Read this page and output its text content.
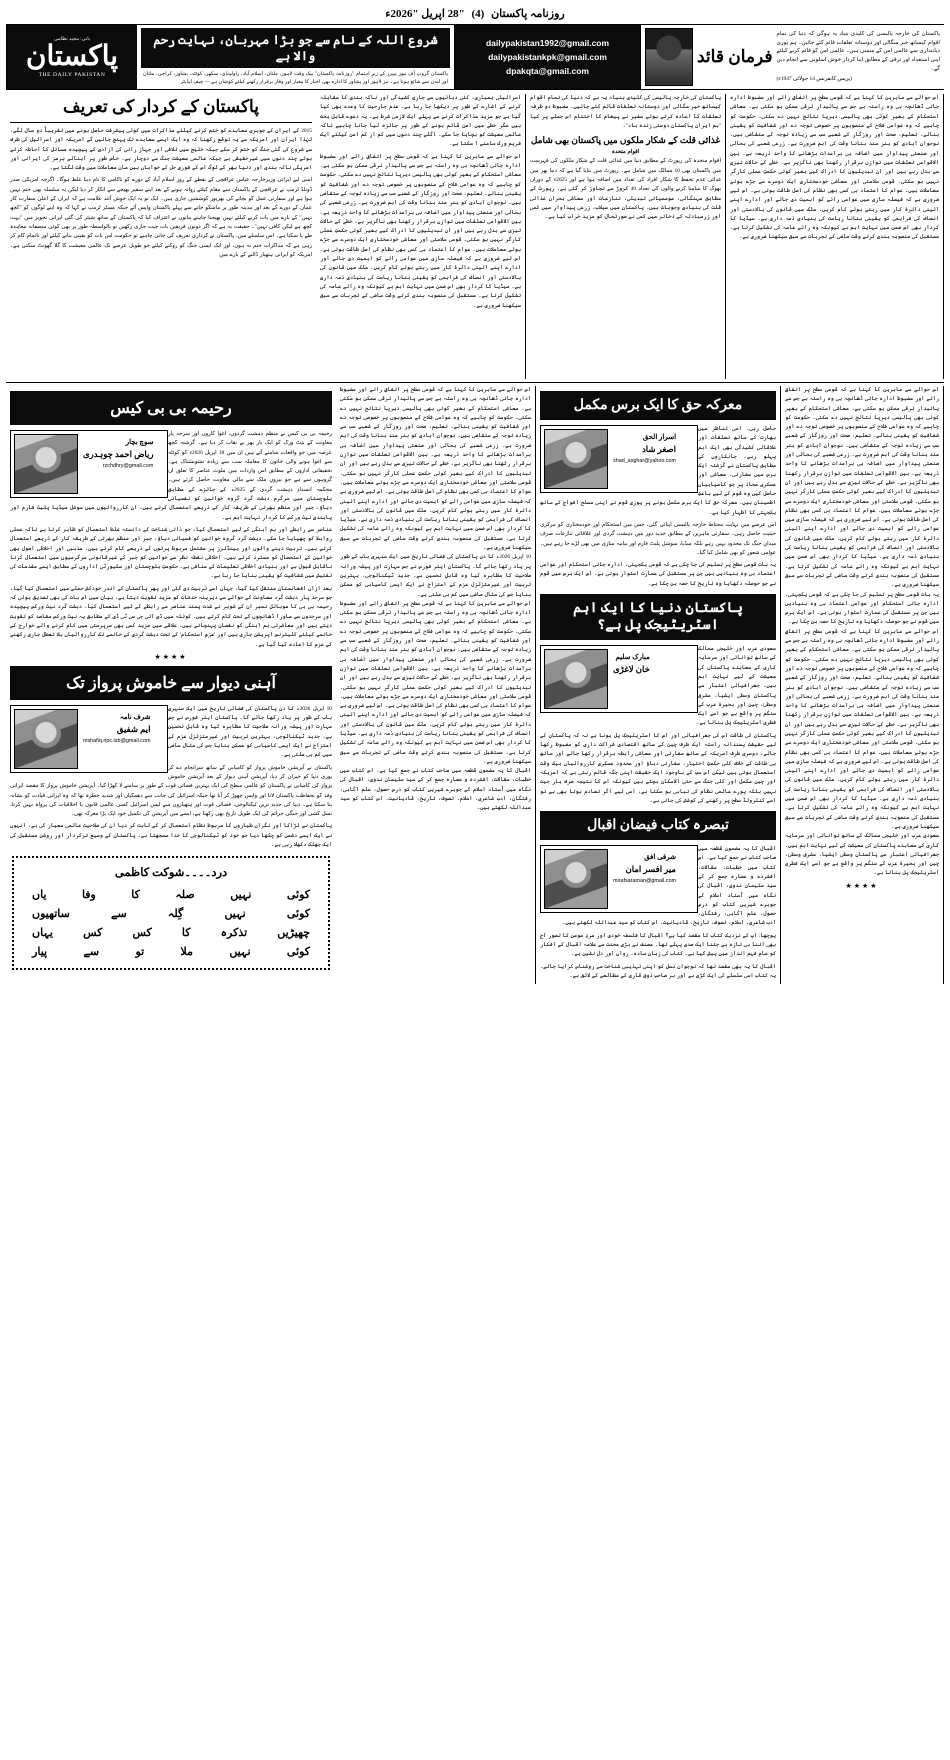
روزنامہ پاکستان (4) "28 اپریل "2026ء
بانی: مجید نظامی
پاکستان
THE DAILY PAKISTAN
شروع اللہ کے نام سے جو بڑا مہربان، نہایت رحم والا ہے
پاکستان گروپ آف نیوز پیپرز کے زیرِ اہتمام "روزنامہ پاکستان" بیک وقت لاہور، ملتان، اسلام آباد، راولپنڈی، سکھر، کوئٹہ، پشاور، کراچی، ملتان اور لندن سے شائع ہوتا ہے۔ نیز لاہور اور پشاور کا ادارہ بھی اخبار کا معیار اور وقار برقرار رکھنے کیلئے کوشاں ہے — چیف ایڈیٹر
dailypakistan1992@gmail.com
dailypakistankpk@gmail.com
dpakqta@gmail.com
فرمان قائد
پاکستان کی خارجہ پالیسی کی کلیدی بنیاد یہ ہوگی کہ دنیا کی تمام اقوام کیساتھ خیر سگالی اور دوستانہ تعلقات قائم کئے جائیں۔ ہم پوری دیانتداری سے عالمی امن کے متمنی ہیں۔ عالمی امن کو قائم کرنے کیلئے اپنی استعداد اور ترقی کے مطابق اپنا کردار خوش اسلوبی سے انجام دیں گے۔
(پریس کانفرنس 14 جولائی 1947ء)
پاکستان کے کردار کی تعریف

2015 کے ایران کے جوہری معاہدے کو ختم کرنے کیلئے مذاکرات میں کوئی پیشرفت حاصل ہونے میں تقریباً دو سال لگے۔ لہٰذا ایران اور امریکہ سے یہ توقع رکھنا کہ وہ ایک ایسے معاہدے تک پہنچ جائیں گے امریکہ اور اسرائیل کی طرف سے شروع کی گئی جنگ کو ختم کر سکے جبکہ خلیج میں تلافی اور جہاز رانی کی آزادی کے پیچیدہ مسائل کا احاطہ کرتے ہوئے چند دنوں میں غیرحقیقی ہے جبکہ عالمی معیشت جنگ سے دوچار ہے۔ خاص طور پر آبنائے ہرمز کی ایرانی اور امریکی ناکہ بندی اور دنیا بھر کے لوگ اس کے فوری حل کے خواہاں ہیں مان معاملات میں وقت لگتا ہے۔

اسی لیے ایرانی وزیرخارجہ عباس عراقچی کے نقطے کے روز اسلام آباد کے دورے کو ناکامی کا نام دینا غلط ہوگا۔ اگرچہ امریکی صدر ڈونلڈ ٹرمپ نے عراقچی کے پاکستان سے مقام کیلئے روانہ ہونے کے بعد اپنے سفیر بھیجے سے انکار کر دیا لیکن یہ سلسلہ بھی ختم نہیں ہوا ہے اور سفارتی عمل کو بچانے کی بھرپور کوششیں جاری ہیں۔ ایک تو یہ ایک خوش آئند علامت ہے کہ ایران کے اعلیٰ سفارت کار عمان کے دورے کے بعد اور مدینہ طور پر ماسکو جانے سے پہلے پاکستان واپس آئے جبکہ مسٹر ٹرمپ نے کہا کہ وہ اپنے لوگوں کو "کچھ نہیں" کے بارے میں بات کرنے کیلئے نہیں بھیجنا چاہتے مانوں نے اعتراف کیا کہ پاکستان کے ساتھ شیئر کی گئی ایرانی تجویز میں "بہت کچھ ہے لیکن کافی نہیں"۔ حقیقت یہ ہے کہ اگر دونوں فریقین بات چیت جاری رکھیں تو بالواسطہ طور پر بھی کوئی منصفانہ معاہدہ طے پا سکتا ہے۔ اس سلسلے میں، پاکستان نے کرداری تعریف کی جانی چاہیے تو حکومت اس بات کو یقینی بنانے کیلئے اور ناتمام کام کر رہی ہے کہ مذاکرات ختم نہ ہوں، اور ایک ایسی جنگ کو روکنے کیلئے جو طویل عرصے تک عالمی معیشت کا گلا گھونٹ سکتی ہے۔ امریکہ کو ایرانی ہتھیار ڈالنے کے بارے میں

اسرائیلی بمباری، کئی دہائیوں سے جاری کشیدگی اور ناکہ بندی کا مقابلہ کرنے کے اشارے کے طور پر دیکھا جا رہا ہے۔ عدم جارحیت کا وعدہ بھی کیا گیا ہے جو مزید مذاکرات کرنے سے پہلے ایک لازمی شرط ہے۔ یہ دعوے قابل بحث ہیں مگر خطے میں امن قائم ہونے کے طور پر جائزہ لیا جانا چاہیے تاکہ عالمی معیشت کو بچایا جا سکے۔ اگلے چند دنوں میں کم از کم امن کیلئے ایک فریم ورک سامنے آ سکتا ہے۔
اس حوالے سے ماہرین کا کہنا ہے کہ قومی سطح پر اتفاقِ رائے اور مضبوط ادارہ جاتی ڈھانچہ ہی وہ راستہ ہے جس سے پائیدار ترقی ممکن ہو سکتی ہے۔ معاشی استحکام کے بغیر کوئی بھی پالیسی دیرپا نتائج نہیں دے سکتی۔ حکومت کو چاہیے کہ وہ عوامی فلاح کے منصوبوں پر خصوصی توجہ دے اور شفافیت کو یقینی بنائے۔ تعلیم، صحت اور روزگار کے شعبے سب سے زیادہ توجہ کے متقاضی ہیں۔ نوجوان آبادی کو ہنر مند بنانا وقت کی اہم ضرورت ہے۔ زرعی شعبے کی بحالی اور صنعتی پیداوار میں اضافہ ہی برآمدات بڑھانے کا واحد ذریعہ ہے۔ بین الاقوامی تعلقات میں توازن برقرار رکھنا بھی ناگزیر ہے۔ خطے کے حالات تیزی سے بدل رہے ہیں اور ان تبدیلیوں کا ادراک کیے بغیر کوئی حکمتِ عملی کارگر نہیں ہو سکتی۔ قومی سلامتی اور معاشی خودمختاری ایک دوسرے سے جڑے ہوئے معاملات ہیں۔ عوام کا اعتماد ہی کسی بھی نظام کی اصل طاقت ہوتی ہے۔ اس لیے ضروری ہے کہ فیصلہ سازی میں عوامی رائے کو اہمیت دی جائے اور ادارے اپنے آئینی دائرۂ کار میں رہتے ہوئے کام کریں۔ ملک میں قانون کی بالادستی اور انصاف کی فراہمی کو یقینی بنانا ریاست کی بنیادی ذمہ داری ہے۔ میڈیا کا کردار بھی اس ضمن میں نہایت اہم ہے کیونکہ وہ رائے عامہ کی تشکیل کرتا ہے۔ مستقبل کی منصوبہ بندی کرتے وقت ماضی کے تجربات سے سبق سیکھنا ضروری ہے۔
پاکستان کی خارجہ پالیسی کی کلیدی بنیاد یہ ہے کہ دنیا کی تمام اقوام کیساتھ خیر سگالی اور دوستانہ تعلقات قائم کئے جائیں۔ مضبوط دو طرفہ تعلقات کا اعادہ کرتے ہوئے سفیر نے پیغام کا اختتام اس جملے پر کیا "ہم ایران پاکستان دوستی زندہ باد"۔
غذائی قلت کے شکار ملکوں میں پاکستان بھی شامل
اقوام متحدہ
اقوام متحدہ کی رپورٹ کے مطابق دنیا میں غذائی قلت کے شکار ملکوں کی فہرست میں پاکستان بھی 10 ممالک میں شامل ہے۔ رپورٹ میں بتایا گیا ہے کہ دنیا بھر میں غذائی عدم تحفظ کا شکار افراد کی تعداد میں اضافہ ہوا ہے اور 2025ء کے دوران بھوک کا سامنا کرنے والوں کی تعداد 40 کروڑ سے تجاوز کر گئی ہے۔ رپورٹ کے مطابق مہنگائی، موسمیاتی تبدیلی، تنازعات اور معاشی بحران غذائی قلت کی بنیادی وجوہات ہیں۔ پاکستان میں سیلاب، زرعی پیداوار میں کمی اور زرمبادلہ کے ذخائر میں کمی نے صورتحال کو مزید خراب کیا ہے۔
اس حوالے سے ماہرین کا کہنا ہے کہ قومی سطح پر اتفاقِ رائے اور مضبوط ادارہ جاتی ڈھانچہ ہی وہ راستہ ہے جس سے پائیدار ترقی ممکن ہو سکتی ہے۔ معاشی استحکام کے بغیر کوئی بھی پالیسی دیرپا نتائج نہیں دے سکتی۔ حکومت کو چاہیے کہ وہ عوامی فلاح کے منصوبوں پر خصوصی توجہ دے اور شفافیت کو یقینی بنائے۔ تعلیم، صحت اور روزگار کے شعبے سب سے زیادہ توجہ کے متقاضی ہیں۔ نوجوان آبادی کو ہنر مند بنانا وقت کی اہم ضرورت ہے۔ زرعی شعبے کی بحالی اور صنعتی پیداوار میں اضافہ ہی برآمدات بڑھانے کا واحد ذریعہ ہے۔ بین الاقوامی تعلقات میں توازن برقرار رکھنا بھی ناگزیر ہے۔ خطے کے حالات تیزی سے بدل رہے ہیں اور ان تبدیلیوں کا ادراک کیے بغیر کوئی حکمتِ عملی کارگر نہیں ہو سکتی۔ قومی سلامتی اور معاشی خودمختاری ایک دوسرے سے جڑے ہوئے معاملات ہیں۔ عوام کا اعتماد ہی کسی بھی نظام کی اصل طاقت ہوتی ہے۔ اس لیے ضروری ہے کہ فیصلہ سازی میں عوامی رائے کو اہمیت دی جائے اور ادارے اپنے آئینی دائرۂ کار میں رہتے ہوئے کام کریں۔ ملک میں قانون کی بالادستی اور انصاف کی فراہمی کو یقینی بنانا ریاست کی بنیادی ذمہ داری ہے۔ میڈیا کا کردار بھی اس ضمن میں نہایت اہم ہے کیونکہ وہ رائے عامہ کی تشکیل کرتا ہے۔ مستقبل کی منصوبہ بندی کرتے وقت ماضی کے تجربات سے سبق سیکھنا ضروری ہے۔
رحیمہ بی بی کیس
سوچ بچار
ریاض احمد چوہدری
rzchdhry@gmail.com

رحیمہ بی بی کیس نے منظم دہشت گردوں، اغوا کاروں اور سرحد پار معاونت کے نیٹ ورک کو ایک بار پھر بے نقاب کر دیا ہے۔ گزشتہ کچھ عرصہ میں جو واقعات سامنے آئے ہیں ان میں 18 اپریل 2026ء کو کوئٹہ سے اغوا ہونے والی خاتون کا معاملہ سب سے زیادہ تشویشناک ہے۔ تحقیقاتی اداروں کے مطابق اس واردات میں ملوث عناصر کا تعلق ان گروہوں سے ہے جو بیرونِ ملک سے مالی معاونت حاصل کرتے ہیں۔ محکمہ انسدادِ دہشت گردی کے 2025ء کے جائزے کے مطابق بلوچستان میں سرگرم دہشت گرد گروہ خواتین کو نفسیاتی دباؤ، جبر اور منظم بھرتی کے طریقہ کار کے ذریعے استعمال کرتے ہیں۔ ان کارروائیوں میں سوشل میڈیا پلیٹ فارم اور پابندی نیٹ ورکس کا کردار نہایت اہم ہے۔

عناصر سے رابطے اور ہم آہنگی کے لیے استعمال کیا، جو ذاتی شناخت کے دانستہ غلط استعمال کو ظاہر کرتا ہے تاکہ عملی روابط کو چھپایا جا سکے۔ دہشت گرد گروہ خواتین کو فسیاتی دباؤ، جبر اور منظم بھرتی کے طریقہ کار کے ذریعے استعمال کرتے ہیں۔ تربیت دینے والوں اور ہینڈلرز پر مشتمل مربوط پرتوں کے ذریعے کام کرتے ہیں۔ مذہبی اور اخلاقی اصول بھی خواتین کے استحصال کو مسترد کرتے ہیں۔ اخلاقی نقطہ نظر سے خواتین کو جبر کے غیرقانونی سرگرمیوں میں استعمال کرنا ناقابل قبول ہے اور بنیادی اخلاقی تعلیمات کے منافی ہے۔ حکومتِ بلوچستان اور سکیورٹی اداروں کے مطابق ایسے مقدمات کی تفتیش میں شفافیت کو یقینی بنایا جا رہا ہے۔

بعد ازاں افغانستان منتقل کیا گیا، جہاں اسے تربیت دی گئی اور پھر پاکستان کے اندر خودکش حملے میں استعمال کیا گیا، جو سرحد پار دہشت گرد معاونت کے حوالے سے دیرینہ خدشات کو مزید تقویت دیتا ہے۔ بیان میں اس بات کی بھی تصدیق ہوئی کہ رحیمہ بی بی کا موبائل نمبر ان کے شوہر نے شدت پسند عناصر سے رابطے کے لیے استعمال کیا۔ دہشت گرد نیٹ ورکس پیچیدہ اور سرحدوں سے ماورا ڈھانچوں کے تحت کام کرتے ہیں۔ کوئٹہ میں ڈی آئی جی سی ٹی ڈی کے مطابق یہ نیٹ ورکس مقاصد کو تقویت دیتے ہیں اور معاشرتی ہم آہنگی کو نقصان پہنچاتے ہیں۔ علاقے میں مزید کسی بھی سرپرستی میں کام کرنے والے خوارج کے خاتمے کیلئے کلیئرنس آپریشن جاری ہیں اور 'عزمِ استحکام' کے تحت دہشت گردی کے خاتمے تک کارروائیاں بلا تعطل جاری رکھنے کے عزم کا اعادہ کیا گیا ہے۔

★★★★
آہنی دیوار سے خاموش پرواز تک
شرف نامہ
ایم شفیق
mshafiq.npc.isb@gmail.com

10 اپریل 2026ء کا دن پاکستان کی فضائی تاریخ میں ایک سنہری باب کے طور پر یاد رکھا جائے گا۔ پاکستان ایئر فورس نے جس مہارت اور پیشہ ورانہ صلاحیت کا مظاہرہ کیا وہ قابلِ تحسین ہے۔ جدید ٹیکنالوجی، بہترین تربیت اور غیرمتزلزل عزم کے امتزاج نے ایک ایسی کامیابی کو ممکن بنایا جس کی مثال ماضی میں کم ہی ملتی ہے۔

پاکستان نے آپریشن خاموش پرواز کو کامیابی کے ساتھ سرانجام دے کر پوری دنیا کو حیران کر دیا، آپریشن آہنی دیوار کے بعد آپریشن خاموش پرواز کی کامیابی نے پاکستان کو عالمی سطح کی ایک بہترین فضائی قوت کے طور پر سامنے لا کھڑا کیا۔ آپریشن خاموش پرواز کا مقصد ایرانی وفد کو بحفاظت پاکستان لانا اور واپس چھوڑ کر آنا تھا جبکہ اسرائیل کی جانب سے دھمکیاں اور شدید خطرہ تھا کہ وہ ایرانی قیادت کو نشانہ بنا سکتا ہے۔ دنیا کی جدید ترین ٹیکنالوجی، فضائی قوت اور ہتھیاروں سے لیس اسرائیل کسی عالمی قانون یا اخلاقیات کی پرواہ نہیں کرتا، نسل کشی اور جنگی جرائم کی ایک طویل تاریخ بھی رکھتا ہے، ایسے میں آپریشن کی تکمیل خود ایک بڑا معرکہ تھی۔

پاکستان نے لڑاکا اور نگران طیاروں کا مربوط نظام استعمال کر کے ثابت کر دیا ان کی صلاحیت عالمی معیار کی ہے، انہوں نے ایک ایسے دشمن کو چکھا دیا جو خود کو ٹیکنالوجی کا خدا سمجھتا ہے۔ پاکستان کے وسیع ترکردار اور روشن مستقبل کی ایک جھلک دکھلا رہی ہے۔

درد۔۔۔۔شوکت کاظمی
یاں	وفا	کا	صلہ	نہیں	کوئی
ساتھیوں	سے	گِلہ	نہیں	کوئی
یہاں	کس	کس	کا	تذکرہ	چھیڑیں
پیار	سے	تو	ملا	نہیں	کوئی
اس حوالے سے ماہرین کا کہنا ہے کہ قومی سطح پر اتفاقِ رائے اور مضبوط ادارہ جاتی ڈھانچہ ہی وہ راستہ ہے جس سے پائیدار ترقی ممکن ہو سکتی ہے۔ معاشی استحکام کے بغیر کوئی بھی پالیسی دیرپا نتائج نہیں دے سکتی۔ حکومت کو چاہیے کہ وہ عوامی فلاح کے منصوبوں پر خصوصی توجہ دے اور شفافیت کو یقینی بنائے۔ تعلیم، صحت اور روزگار کے شعبے سب سے زیادہ توجہ کے متقاضی ہیں۔ نوجوان آبادی کو ہنر مند بنانا وقت کی اہم ضرورت ہے۔ زرعی شعبے کی بحالی اور صنعتی پیداوار میں اضافہ ہی برآمدات بڑھانے کا واحد ذریعہ ہے۔ بین الاقوامی تعلقات میں توازن برقرار رکھنا بھی ناگزیر ہے۔ خطے کے حالات تیزی سے بدل رہے ہیں اور ان تبدیلیوں کا ادراک کیے بغیر کوئی حکمتِ عملی کارگر نہیں ہو سکتی۔ قومی سلامتی اور معاشی خودمختاری ایک دوسرے سے جڑے ہوئے معاملات ہیں۔ عوام کا اعتماد ہی کسی بھی نظام کی اصل طاقت ہوتی ہے۔ اس لیے ضروری ہے کہ فیصلہ سازی میں عوامی رائے کو اہمیت دی جائے اور ادارے اپنے آئینی دائرۂ کار میں رہتے ہوئے کام کریں۔ ملک میں قانون کی بالادستی اور انصاف کی فراہمی کو یقینی بنانا ریاست کی بنیادی ذمہ داری ہے۔ میڈیا کا کردار بھی اس ضمن میں نہایت اہم ہے کیونکہ وہ رائے عامہ کی تشکیل کرتا ہے۔ مستقبل کی منصوبہ بندی کرتے وقت ماضی کے تجربات سے سبق سیکھنا ضروری ہے۔
10 اپریل 2026ء کا دن پاکستان کی فضائی تاریخ میں ایک سنہری باب کے طور پر یاد رکھا جائے گا۔ پاکستان ایئر فورس نے جس مہارت اور پیشہ ورانہ صلاحیت کا مظاہرہ کیا وہ قابلِ تحسین ہے۔ جدید ٹیکنالوجی، بہترین تربیت اور غیرمتزلزل عزم کے امتزاج نے ایک ایسی کامیابی کو ممکن بنایا جس کی مثال ماضی میں کم ہی ملتی ہے۔
اس حوالے سے ماہرین کا کہنا ہے کہ قومی سطح پر اتفاقِ رائے اور مضبوط ادارہ جاتی ڈھانچہ ہی وہ راستہ ہے جس سے پائیدار ترقی ممکن ہو سکتی ہے۔ معاشی استحکام کے بغیر کوئی بھی پالیسی دیرپا نتائج نہیں دے سکتی۔ حکومت کو چاہیے کہ وہ عوامی فلاح کے منصوبوں پر خصوصی توجہ دے اور شفافیت کو یقینی بنائے۔ تعلیم، صحت اور روزگار کے شعبے سب سے زیادہ توجہ کے متقاضی ہیں۔ نوجوان آبادی کو ہنر مند بنانا وقت کی اہم ضرورت ہے۔ زرعی شعبے کی بحالی اور صنعتی پیداوار میں اضافہ ہی برآمدات بڑھانے کا واحد ذریعہ ہے۔ بین الاقوامی تعلقات میں توازن برقرار رکھنا بھی ناگزیر ہے۔ خطے کے حالات تیزی سے بدل رہے ہیں اور ان تبدیلیوں کا ادراک کیے بغیر کوئی حکمتِ عملی کارگر نہیں ہو سکتی۔ قومی سلامتی اور معاشی خودمختاری ایک دوسرے سے جڑے ہوئے معاملات ہیں۔ عوام کا اعتماد ہی کسی بھی نظام کی اصل طاقت ہوتی ہے۔ اس لیے ضروری ہے کہ فیصلہ سازی میں عوامی رائے کو اہمیت دی جائے اور ادارے اپنے آئینی دائرۂ کار میں رہتے ہوئے کام کریں۔ ملک میں قانون کی بالادستی اور انصاف کی فراہمی کو یقینی بنانا ریاست کی بنیادی ذمہ داری ہے۔ میڈیا کا کردار بھی اس ضمن میں نہایت اہم ہے کیونکہ وہ رائے عامہ کی تشکیل کرتا ہے۔ مستقبل کی منصوبہ بندی کرتے وقت ماضی کے تجربات سے سبق سیکھنا ضروری ہے۔
اقبال کا یہ مضمون قطعہ میں صاحب کتاب نے جمع کیا ہے۔ اس کتاب میں خطبات، مقالات، افشردہ و عصارہ جمع کر کے سید سلیمان ندوی، اقبال کی نگاہ میں اُستاد اسلام کے جوہرے شیریں کتاب کو درس حصول، علم آگاہی، رفتگان، ادب شاعری، اسلام، تصوف، تاریخ، قادیانیت۔ اس کتاب کو سید عبداللہ لکھتے ہیں۔
معرکہ حق کا ایک برس مکمل
اسرار الحق
اصغر شاد
shad_asghar@yahoo.com

حاصل رہی۔ اسی تناظر میں بھارت کے ساتھ تعلقات اور علاقائی کشیدگی بھی ایک اہم پہلو رہے۔ جانکاروں کے مطابق پاکستان نے گزشتہ ایک برس میں سفارتی، معاشی اور عسکری محاذ پر جو کامیابیاں حاصل کیں وہ قوم کے لیے باعثِ اطمینان ہیں۔ معرکہ حق کا ایک برس مکمل ہونے پر پوری قوم نے اپنی مسلح افواج کے ساتھ یکجہتی کا اظہار کیا ہے۔

اس عرصے میں نہایت محتاط خارجہ پالیسی اپنائی گئی، جس میں استحکام اور خودمختاری کو مرکزی حیثیت حاصل رہی۔ سفارتی ماہرین کے مطابق جدید دور میں دہشت گردی اور علاقائی تنازعات صرف میدانِ جنگ تک محدود نہیں رہے بلکہ میڈیا، سوشل پلیٹ فارم اور بیانیہ سازی میں بھی لڑے جا رہے ہیں۔ عوامی شعور کو بھی شامل کیا گیا۔

یہ بات قومی سطح پر تسلیم کی جا چکی ہے کہ قومی یکجہتی، ادارہ جاتی استحکام اور عوامی اعتماد ہی وہ بنیادیں ہیں جن پر مستقبل کی عمارت استوار ہوتی ہے۔ اس ایک برس میں قوم نے جو حوصلہ دکھایا وہ تاریخ کا حصہ بن چکا ہے۔

پاکستان دنیا کا ایک اہم اسٹریٹیجک پل ہے؟
مبارک سلیم
خان لاغڑی

سعودی عرب اور خلیجی ممالک کے ساتھ توانائی اور سرمایہ کاری کے معاہدے پاکستان کی معیشت کے لیے نہایت اہم ہیں۔ جغرافیائی اعتبار سے پاکستان وسطی ایشیا، مشرق وسطیٰ، چین اور بحیرۂ عرب کے سنگم پر واقع ہے جو اسے ایک فطری اسٹریٹیجک پل بناتا ہے۔

پاکستان کی طاقت اس کی جغرافیائی اور اس کا اسٹریٹیجک پل ہونا ہے نہ کہ پاکستان کے لیے حقیقت پسندانہ راستہ ایک طرف چین کے ساتھ اقتصادی شراکت داری کو مضبوط رکھا جائے، دوسری طرف امریکہ کے ساتھ سفارتی اور معاشی رابطہ برقرار رکھا جائے اور ساتھ ہی طاقت کے خلاف کلی حکمتِ اختیار، سفارتی دباؤ اور محدود عسکری کارروائیاں بیک وقت استعمال ہوتی ہیں لیکن اس سب کے باوجود ایک حقیقت اپنی جگہ قائم رہتی ہے کہ امریکہ اور چین مکمل اور کلی جنگ سے حتی الامکان بچتے ہیں کیونکہ اس کا نتیجہ صرف ہار جیت نہیں بلکہ پورے عالمی نظام کی تباہی ہو سکتا ہے، اسی لیے اگر تصادم ہوتا بھی ہے تو اسے کنٹرولڈ سطح پر رکھنے کی کوشش کی جاتی ہے۔

تبصرہ کتاب فیضان اقبال
شرقی افق
میر افسر امان
mirafsaraman@gmail.com

اقبال کا یہ مضمون قطعہ میں صاحب کتاب نے جمع کیا ہے۔ اس کتاب میں خطبات، مقالات، افشردہ و عصارہ جمع کر کے سید سلیمان ندوی، اقبال کی نگاہ میں اُستاد اسلام کے جوہرے شیریں کتاب کو درس حصول، علم آگاہی، رفتگان، ادب شاعری، اسلام، تصوف، تاریخ، قادیانیت۔ اس کتاب کو سید عبداللہ لکھتے ہیں۔

پوچھا: آپ کے نزدیک کتاب کا مقصد کیا ہے؟ اقبال کا فلسفہ خودی اور مردِ مومن کا تصور آج بھی اتنا ہی تازہ ہے جتنا ایک صدی پہلے تھا۔ مصنف نے بڑی محنت سے علامہ اقبال کے افکار کو عام فہم انداز میں پیش کیا ہے۔ کتاب کی زبان سادہ، رواں اور دل نشین ہے۔

اقبال کا یہ بھی مقصد تھا کہ نوجوان نسل کو اپنی تہذیبی شناخت سے روشناس کرایا جائے۔ یہ کتاب اسی سلسلے کی ایک کڑی ہے اور ہر صاحبِ ذوق قاری کے مطالعے کے لائق ہے۔

اس حوالے سے ماہرین کا کہنا ہے کہ قومی سطح پر اتفاقِ رائے اور مضبوط ادارہ جاتی ڈھانچہ ہی وہ راستہ ہے جس سے پائیدار ترقی ممکن ہو سکتی ہے۔ معاشی استحکام کے بغیر کوئی بھی پالیسی دیرپا نتائج نہیں دے سکتی۔ حکومت کو چاہیے کہ وہ عوامی فلاح کے منصوبوں پر خصوصی توجہ دے اور شفافیت کو یقینی بنائے۔ تعلیم، صحت اور روزگار کے شعبے سب سے زیادہ توجہ کے متقاضی ہیں۔ نوجوان آبادی کو ہنر مند بنانا وقت کی اہم ضرورت ہے۔ زرعی شعبے کی بحالی اور صنعتی پیداوار میں اضافہ ہی برآمدات بڑھانے کا واحد ذریعہ ہے۔ بین الاقوامی تعلقات میں توازن برقرار رکھنا بھی ناگزیر ہے۔ خطے کے حالات تیزی سے بدل رہے ہیں اور ان تبدیلیوں کا ادراک کیے بغیر کوئی حکمتِ عملی کارگر نہیں ہو سکتی۔ قومی سلامتی اور معاشی خودمختاری ایک دوسرے سے جڑے ہوئے معاملات ہیں۔ عوام کا اعتماد ہی کسی بھی نظام کی اصل طاقت ہوتی ہے۔ اس لیے ضروری ہے کہ فیصلہ سازی میں عوامی رائے کو اہمیت دی جائے اور ادارے اپنے آئینی دائرۂ کار میں رہتے ہوئے کام کریں۔ ملک میں قانون کی بالادستی اور انصاف کی فراہمی کو یقینی بنانا ریاست کی بنیادی ذمہ داری ہے۔ میڈیا کا کردار بھی اس ضمن میں نہایت اہم ہے کیونکہ وہ رائے عامہ کی تشکیل کرتا ہے۔ مستقبل کی منصوبہ بندی کرتے وقت ماضی کے تجربات سے سبق سیکھنا ضروری ہے۔
یہ بات قومی سطح پر تسلیم کی جا چکی ہے کہ قومی یکجہتی، ادارہ جاتی استحکام اور عوامی اعتماد ہی وہ بنیادیں ہیں جن پر مستقبل کی عمارت استوار ہوتی ہے۔ اس ایک برس میں قوم نے جو حوصلہ دکھایا وہ تاریخ کا حصہ بن چکا ہے۔
اس حوالے سے ماہرین کا کہنا ہے کہ قومی سطح پر اتفاقِ رائے اور مضبوط ادارہ جاتی ڈھانچہ ہی وہ راستہ ہے جس سے پائیدار ترقی ممکن ہو سکتی ہے۔ معاشی استحکام کے بغیر کوئی بھی پالیسی دیرپا نتائج نہیں دے سکتی۔ حکومت کو چاہیے کہ وہ عوامی فلاح کے منصوبوں پر خصوصی توجہ دے اور شفافیت کو یقینی بنائے۔ تعلیم، صحت اور روزگار کے شعبے سب سے زیادہ توجہ کے متقاضی ہیں۔ نوجوان آبادی کو ہنر مند بنانا وقت کی اہم ضرورت ہے۔ زرعی شعبے کی بحالی اور صنعتی پیداوار میں اضافہ ہی برآمدات بڑھانے کا واحد ذریعہ ہے۔ بین الاقوامی تعلقات میں توازن برقرار رکھنا بھی ناگزیر ہے۔ خطے کے حالات تیزی سے بدل رہے ہیں اور ان تبدیلیوں کا ادراک کیے بغیر کوئی حکمتِ عملی کارگر نہیں ہو سکتی۔ قومی سلامتی اور معاشی خودمختاری ایک دوسرے سے جڑے ہوئے معاملات ہیں۔ عوام کا اعتماد ہی کسی بھی نظام کی اصل طاقت ہوتی ہے۔ اس لیے ضروری ہے کہ فیصلہ سازی میں عوامی رائے کو اہمیت دی جائے اور ادارے اپنے آئینی دائرۂ کار میں رہتے ہوئے کام کریں۔ ملک میں قانون کی بالادستی اور انصاف کی فراہمی کو یقینی بنانا ریاست کی بنیادی ذمہ داری ہے۔ میڈیا کا کردار بھی اس ضمن میں نہایت اہم ہے کیونکہ وہ رائے عامہ کی تشکیل کرتا ہے۔ مستقبل کی منصوبہ بندی کرتے وقت ماضی کے تجربات سے سبق سیکھنا ضروری ہے۔
سعودی عرب اور خلیجی ممالک کے ساتھ توانائی اور سرمایہ کاری کے معاہدے پاکستان کی معیشت کے لیے نہایت اہم ہیں۔ جغرافیائی اعتبار سے پاکستان وسطی ایشیا، مشرق وسطیٰ، چین اور بحیرۂ عرب کے سنگم پر واقع ہے جو اسے ایک فطری اسٹریٹیجک پل بناتا ہے۔
★★★★
